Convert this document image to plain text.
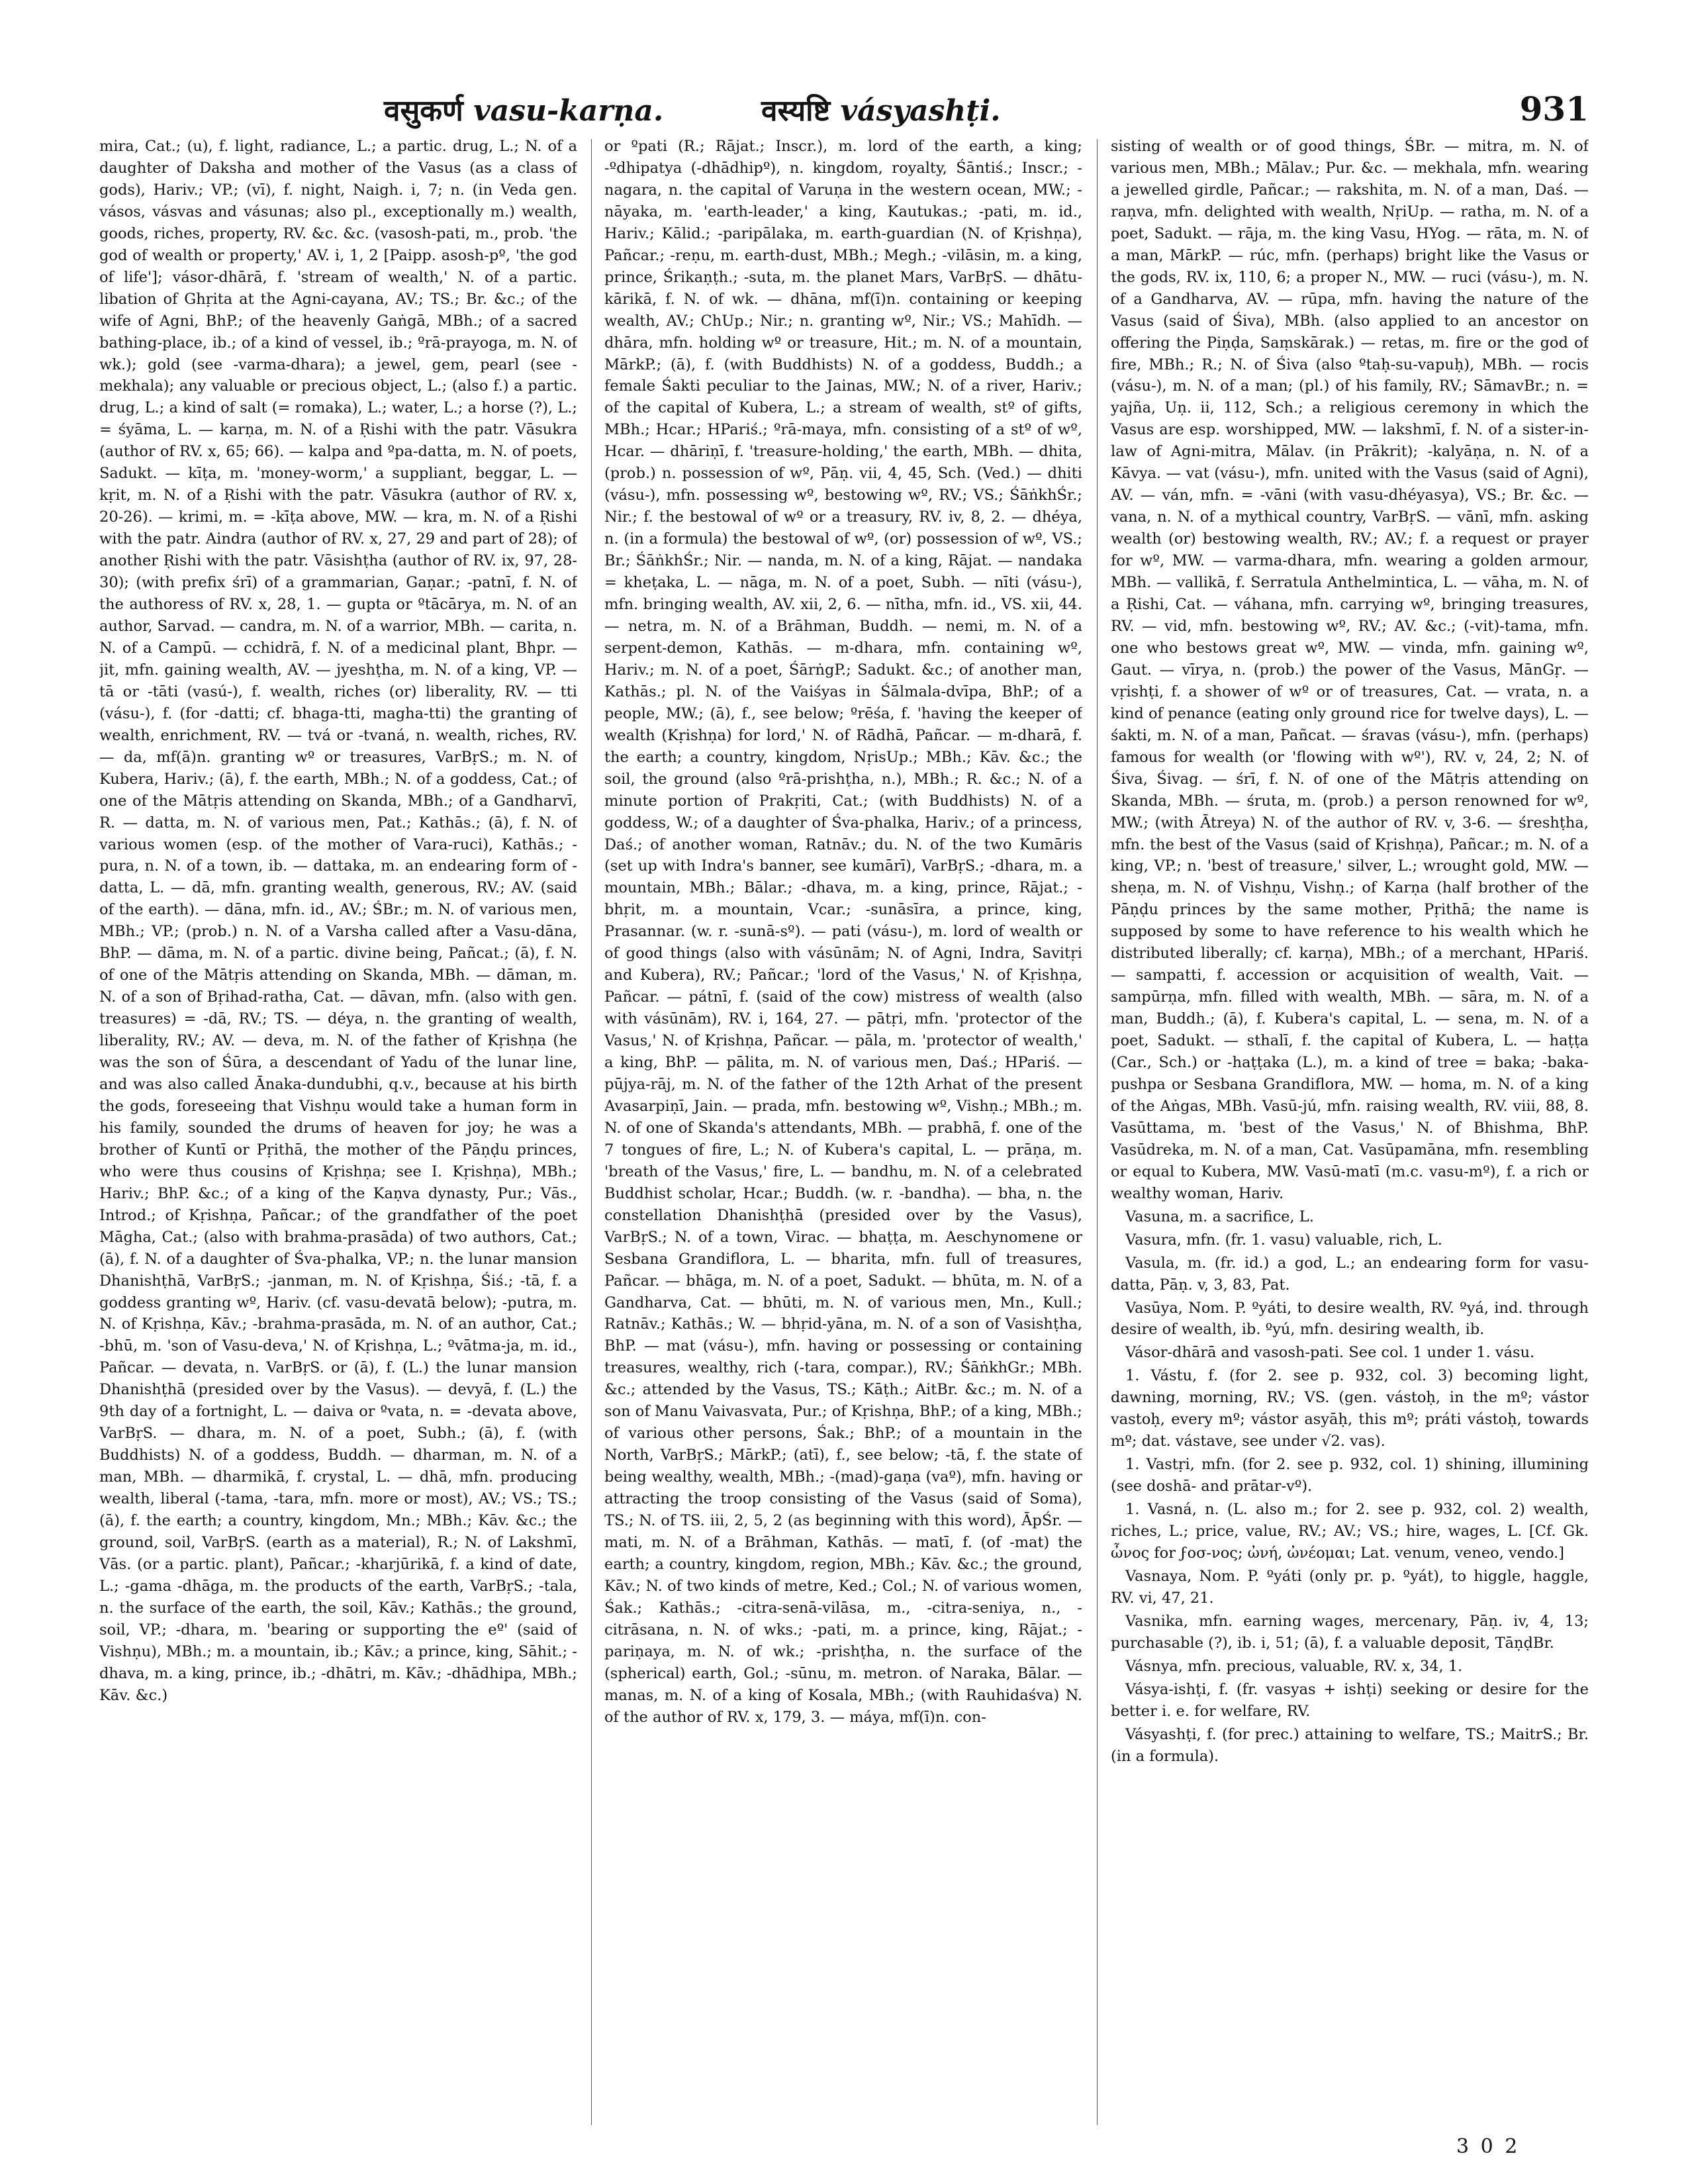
वसुकर्ण vasu-karṇa.	वस्यष्टि vásyashṭi.	931

mira, Cat.; (u), f. light, radiance, L.; a partic. drug, L.; N. of a daughter of Daksha and mother of the Vasus (as a class of gods), Hariv.; VP.; (vī), f. night, Naigh. i, 7; n. (in Veda gen. vásos, vásvas and vásunas; also pl., exceptionally m.) wealth, goods, riches, property, RV. &c. &c. (vasosh-pati, m., prob. 'the god of wealth or property,' AV. i, 1, 2 [Paipp. asosh-pº, 'the god of life']; vásor-dhārā, f. 'stream of wealth,' N. of a partic. libation of Ghṛita at the Agni-cayana, AV.; TS.; Br. &c.; of the wife of Agni, BhP.; of the heavenly Gaṅgā, MBh.; of a sacred bathing-place, ib.; of a kind of vessel, ib.; ºrā-prayoga, m. N. of wk.); gold (see -varma-dhara); a jewel, gem, pearl (see -mekhala); any valuable or precious object, L.; (also f.) a partic. drug, L.; a kind of salt (= romaka), L.; water, L.; a horse (?), L.; = śyāma, L. — karṇa, m. N. of a Ṛishi with the patr. Vāsukra (author of RV. x, 65; 66). — kalpa and ºpa-datta, m. N. of poets, Sadukt. — kīṭa, m. 'money-worm,' a suppliant, beggar, L. — kṛit, m. N. of a Ṛishi with the patr. Vāsukra (author of RV. x, 20-26). — krimi, m. = -kīṭa above, MW. — kra, m. N. of a Ṛishi with the patr. Aindra (author of RV. x, 27, 29 and part of 28); of another Ṛishi with the patr. Vāsishṭha (author of RV. ix, 97, 28-30); (with prefix śrī) of a grammarian, Gaṇar.; -patnī, f. N. of the authoress of RV. x, 28, 1. — gupta or ºtācārya, m. N. of an author, Sarvad. — candra, m. N. of a warrior, MBh. — carita, n. N. of a Campū. — cchidrā, f. N. of a medicinal plant, Bhpr. — jit, mfn. gaining wealth, AV. — jyeshṭha, m. N. of a king, VP. — tā or -tāti (vasú-), f. wealth, riches (or) liberality, RV. — tti (vásu-), f. (for -datti; cf. bhaga-tti, magha-tti) the granting of wealth, enrichment, RV. — tvá or -tvaná, n. wealth, riches, RV. — da, mf(ā)n. granting wº or treasures, VarBṛS.; m. N. of Kubera, Hariv.; (ā), f. the earth, MBh.; N. of a goddess, Cat.; of one of the Mātṛis attending on Skanda, MBh.; of a Gandharvī, R. — datta, m. N. of various men, Pat.; Kathās.; (ā), f. N. of various women (esp. of the mother of Vara-ruci), Kathās.; -pura, n. N. of a town, ib. — dattaka, m. an endearing form of -datta, L. — dā, mfn. granting wealth, generous, RV.; AV. (said of the earth). — dāna, mfn. id., AV.; ŚBr.; m. N. of various men, MBh.; VP.; (prob.) n. N. of a Varsha called after a Vasu-dāna, BhP. — dāma, m. N. of a partic. divine being, Pañcat.; (ā), f. N. of one of the Mātṛis attending on Skanda, MBh. — dāman, m. N. of a son of Bṛihad-ratha, Cat. — dāvan, mfn. (also with gen. treasures) = -dā, RV.; TS. — déya, n. the granting of wealth, liberality, RV.; AV. — deva, m. N. of the father of Kṛishṇa (he was the son of Śūra, a descendant of Yadu of the lunar line, and was also called Ānaka-dundubhi, q.v., because at his birth the gods, foreseeing that Vishṇu would take a human form in his family, sounded the drums of heaven for joy; he was a brother of Kuntī or Pṛithā, the mother of the Pāṇḍu princes, who were thus cousins of Kṛishṇa; see I. Kṛishṇa), MBh.; Hariv.; BhP. &c.; of a king of the Kaṇva dynasty, Pur.; Vās., Introd.; of Kṛishṇa, Pañcar.; of the grandfather of the poet Māgha, Cat.; (also with brahma-prasāda) of two authors, Cat.; (ā), f. N. of a daughter of Śva-phalka, VP.; n. the lunar mansion Dhanishṭhā, VarBṛS.; -janman, m. N. of Kṛishṇa, Śiś.; -tā, f. a goddess granting wº, Hariv. (cf. vasu-devatā below); -putra, m. N. of Kṛishṇa, Kāv.; -brahma-prasāda, m. N. of an author, Cat.; -bhū, m. 'son of Vasu-deva,' N. of Kṛishṇa, L.; ºvātma-ja, m. id., Pañcar. — devata, n. VarBṛS. or (ā), f. (L.) the lunar mansion Dhanishṭhā (presided over by the Vasus). — devyā, f. (L.) the 9th day of a fortnight, L. — daiva or ºvata, n. = -devata above, VarBṛS. — dhara, m. N. of a poet, Subh.; (ā), f. (with Buddhists) N. of a goddess, Buddh. — dharman, m. N. of a man, MBh. — dharmikā, f. crystal, L. — dhā, mfn. producing wealth, liberal (-tama, -tara, mfn. more or most), AV.; VS.; TS.; (ā), f. the earth; a country, kingdom, Mn.; MBh.; Kāv. &c.; the ground, soil, VarBṛS. (earth as a material), R.; N. of Lakshmī, Vās. (or a partic. plant), Pañcar.; -kharjūrikā, f. a kind of date, L.; -gama -dhāga, m. the products of the earth, VarBṛS.; -tala, n. the surface of the earth, the soil, Kāv.; Kathās.; the ground, soil, VP.; -dhara, m. 'bearing or supporting the eº' (said of Vishṇu), MBh.; m. a mountain, ib.; Kāv.; a prince, king, Sāhit.; -dhava, m. a king, prince, ib.; -dhātri, m. Kāv.; -dhādhipa, MBh.; Kāv. &c.)

or ºpati (R.; Rājat.; Inscr.), m. lord of the earth, a king; -ºdhipatya (-dhādhipº), n. kingdom, royalty, Śāntiś.; Inscr.; -nagara, n. the capital of Varuṇa in the western ocean, MW.; -nāyaka, m. 'earth-leader,' a king, Kautukas.; -pati, m. id., Hariv.; Kālid.; -paripālaka, m. earth-guardian (N. of Kṛishṇa), Pañcar.; -reṇu, m. earth-dust, MBh.; Megh.; -vilāsin, m. a king, prince, Śrikaṇṭh.; -suta, m. the planet Mars, VarBṛS. — dhātu-kārikā, f. N. of wk. — dhāna, mf(ī)n. containing or keeping wealth, AV.; ChUp.; Nir.; n. granting wº, Nir.; VS.; Mahīdh. — dhāra, mfn. holding wº or treasure, Hit.; m. N. of a mountain, MārkP.; (ā), f. (with Buddhists) N. of a goddess, Buddh.; a female Śakti peculiar to the Jainas, MW.; N. of a river, Hariv.; of the capital of Kubera, L.; a stream of wealth, stº of gifts, MBh.; Hcar.; HPariś.; ºrā-maya, mfn. consisting of a stº of wº, Hcar. — dhāriṇī, f. 'treasure-holding,' the earth, MBh. — dhita, (prob.) n. possession of wº, Pāṇ. vii, 4, 45, Sch. (Ved.) — dhiti (vásu-), mfn. possessing wº, bestowing wº, RV.; VS.; ŚāṅkhŚr.; Nir.; f. the bestowal of wº or a treasury, RV. iv, 8, 2. — dhéya, n. (in a formula) the bestowal of wº, (or) possession of wº, VS.; Br.; ŚāṅkhŚr.; Nir. — nanda, m. N. of a king, Rājat. — nandaka = kheṭaka, L. — nāga, m. N. of a poet, Subh. — nīti (vásu-), mfn. bringing wealth, AV. xii, 2, 6. — nītha, mfn. id., VS. xii, 44. — netra, m. N. of a Brāhman, Buddh. — nemi, m. N. of a serpent-demon, Kathās. — m-dhara, mfn. containing wº, Hariv.; m. N. of a poet, ŚārṅgP.; Sadukt. &c.; of another man, Kathās.; pl. N. of the Vaiśyas in Śālmala-dvīpa, BhP.; of a people, MW.; (ā), f., see below; ºrēśa, f. 'having the keeper of wealth (Kṛishṇa) for lord,' N. of Rādhā, Pañcar. — m-dharā, f. the earth; a country, kingdom, NṛisUp.; MBh.; Kāv. &c.; the soil, the ground (also ºrā-prishṭha, n.), MBh.; R. &c.; N. of a minute portion of Prakṛiti, Cat.; (with Buddhists) N. of a goddess, W.; of a daughter of Śva-phalka, Hariv.; of a princess, Daś.; of another woman, Ratnāv.; du. N. of the two Kumāris (set up with Indra's banner, see kumārī), VarBṛS.; -dhara, m. a mountain, MBh.; Bālar.; -dhava, m. a king, prince, Rājat.; -bhṛit, m. a mountain, Vcar.; -sunāsīra, a prince, king, Prasannar. (w. r. -sunā-sº). — pati (vásu-), m. lord of wealth or of good things (also with vásūnām; N. of Agni, Indra, Savitṛi and Kubera), RV.; Pañcar.; 'lord of the Vasus,' N. of Kṛishṇa, Pañcar. — pátnī, f. (said of the cow) mistress of wealth (also with vásūnām), RV. i, 164, 27. — pātṛi, mfn. 'protector of the Vasus,' N. of Kṛishṇa, Pañcar. — pāla, m. 'protector of wealth,' a king, BhP. — pālita, m. N. of various men, Daś.; HPariś. — pūjya-rāj, m. N. of the father of the 12th Arhat of the present Avasarpiṇī, Jain. — prada, mfn. bestowing wº, Vishṇ.; MBh.; m. N. of one of Skanda's attendants, MBh. — prabhā, f. one of the 7 tongues of fire, L.; N. of Kubera's capital, L. — prāṇa, m. 'breath of the Vasus,' fire, L. — bandhu, m. N. of a celebrated Buddhist scholar, Hcar.; Buddh. (w. r. -bandha). — bha, n. the constellation Dhanishṭhā (presided over by the Vasus), VarBṛS.; N. of a town, Virac. — bhaṭṭa, m. Aeschynomene or Sesbana Grandiflora, L. — bharita, mfn. full of treasures, Pañcar. — bhāga, m. N. of a poet, Sadukt. — bhūta, m. N. of a Gandharva, Cat. — bhūti, m. N. of various men, Mn., Kull.; Ratnāv.; Kathās.; W. — bhṛid-yāna, m. N. of a son of Vasishṭha, BhP. — mat (vásu-), mfn. having or possessing or containing treasures, wealthy, rich (-tara, compar.), RV.; ŚāṅkhGr.; MBh. &c.; attended by the Vasus, TS.; Kāṭh.; AitBr. &c.; m. N. of a son of Manu Vaivasvata, Pur.; of Kṛishṇa, BhP.; of a king, MBh.; of various other persons, Śak.; BhP.; of a mountain in the North, VarBṛS.; MārkP.; (atī), f., see below; -tā, f. the state of being wealthy, wealth, MBh.; -(mad)-gaṇa (vaº), mfn. having or attracting the troop consisting of the Vasus (said of Soma), TS.; N. of TS. iii, 2, 5, 2 (as beginning with this word), ĀpŚr. — mati, m. N. of a Brāhman, Kathās. — matī, f. (of -mat) the earth; a country, kingdom, region, MBh.; Kāv. &c.; the ground, Kāv.; N. of two kinds of metre, Ked.; Col.; N. of various women, Śak.; Kathās.; -citra-senā-vilāsa, m., -citra-seniya, n., -citrāsana, n. N. of wks.; -pati, m. a prince, king, Rājat.; -pariṇaya, m. N. of wk.; -prishṭha, n. the surface of the (spherical) earth, Gol.; -sūnu, m. metron. of Naraka, Bālar. — manas, m. N. of a king of Kosala, MBh.; (with Rauhidaśva) N. of the author of RV. x, 179, 3. — máya, mf(ī)n. con-

sisting of wealth or of good things, ŚBr. — mitra, m. N. of various men, MBh.; Mālav.; Pur. &c. — mekhala, mfn. wearing a jewelled girdle, Pañcar.; — rakshita, m. N. of a man, Daś. — raṇva, mfn. delighted with wealth, NṛiUp. — ratha, m. N. of a poet, Sadukt. — rāja, m. the king Vasu, HYog. — rāta, m. N. of a man, MārkP. — rúc, mfn. (perhaps) bright like the Vasus or the gods, RV. ix, 110, 6; a proper N., MW. — ruci (vásu-), m. N. of a Gandharva, AV. — rūpa, mfn. having the nature of the Vasus (said of Śiva), MBh. (also applied to an ancestor on offering the Piṇḍa, Saṃskārak.) — retas, m. fire or the god of fire, MBh.; R.; N. of Śiva (also ºtaḥ-su-vapuḥ), MBh. — rocis (vásu-), m. N. of a man; (pl.) of his family, RV.; SāmavBr.; n. = yajña, Uṇ. ii, 112, Sch.; a religious ceremony in which the Vasus are esp. worshipped, MW. — lakshmī, f. N. of a sister-in-law of Agni-mitra, Mālav. (in Prākrit); -kalyāṇa, n. N. of a Kāvya. — vat (vásu-), mfn. united with the Vasus (said of Agni), AV. — ván, mfn. = -vāni (with vasu-dhéyasya), VS.; Br. &c. — vana, n. N. of a mythical country, VarBṛS. — vānī, mfn. asking wealth (or) bestowing wealth, RV.; AV.; f. a request or prayer for wº, MW. — varma-dhara, mfn. wearing a golden armour, MBh. — vallikā, f. Serratula Anthelmintica, L. — vāha, m. N. of a Ṛishi, Cat. — váhana, mfn. carrying wº, bringing treasures, RV. — vid, mfn. bestowing wº, RV.; AV. &c.; (-vit)-tama, mfn. one who bestows great wº, MW. — vinda, mfn. gaining wº, Gaut. — vīrya, n. (prob.) the power of the Vasus, MānGṛ. — vṛishṭi, f. a shower of wº or of treasures, Cat. — vrata, n. a kind of penance (eating only ground rice for twelve days), L. — śakti, m. N. of a man, Pañcat. — śravas (vásu-), mfn. (perhaps) famous for wealth (or 'flowing with wº'), RV. v, 24, 2; N. of Śiva, Śivag. — śrī, f. N. of one of the Mātṛis attending on Skanda, MBh. — śruta, m. (prob.) a person renowned for wº, MW.; (with Ātreya) N. of the author of RV. v, 3-6. — śreshṭha, mfn. the best of the Vasus (said of Kṛishṇa), Pañcar.; m. N. of a king, VP.; n. 'best of treasure,' silver, L.; wrought gold, MW. — sheṇa, m. N. of Vishṇu, Vishṇ.; of Karṇa (half brother of the Pāṇḍu princes by the same mother, Pṛithā; the name is supposed by some to have reference to his wealth which he distributed liberally; cf. karṇa), MBh.; of a merchant, HPariś. — sampatti, f. accession or acquisition of wealth, Vait. — sampūrṇa, mfn. filled with wealth, MBh. — sāra, m. N. of a man, Buddh.; (ā), f. Kubera's capital, L. — sena, m. N. of a poet, Sadukt. — sthalī, f. the capital of Kubera, L. — haṭṭa (Car., Sch.) or -haṭṭaka (L.), m. a kind of tree = baka; -baka-pushpa or Sesbana Grandiflora, MW. — homa, m. N. of a king of the Aṅgas, MBh. Vasū-jú, mfn. raising wealth, RV. viii, 88, 8. Vasūttama, m. 'best of the Vasus,' N. of Bhishma, BhP. Vasūdreka, m. N. of a man, Cat. Vasūpamāna, mfn. resembling or equal to Kubera, MW. Vasū-matī (m.c. vasu-mº), f. a rich or wealthy woman, Hariv.

Vasuna, m. a sacrifice, L.

Vasura, mfn. (fr. 1. vasu) valuable, rich, L.

Vasula, m. (fr. id.) a god, L.; an endearing form for vasu-datta, Pāṇ. v, 3, 83, Pat.

Vasūya, Nom. P. ºyáti, to desire wealth, RV. ºyá, ind. through desire of wealth, ib. ºyú, mfn. desiring wealth, ib.

Vásor-dhārā and vasosh-pati. See col. 1 under 1. vásu.

1. Vástu, f. (for 2. see p. 932, col. 3) becoming light, dawning, morning, RV.; VS. (gen. vástoḥ, in the mº; vástor vastoḥ, every mº; vástor asyāḥ, this mº; práti vástoḥ, towards mº; dat. vástave, see under √2. vas).

1. Vastṛi, mfn. (for 2. see p. 932, col. 1) shining, illumining (see doshā- and prātar-vº).

1. Vasná, n. (L. also m.; for 2. see p. 932, col. 2) wealth, riches, L.; price, value, RV.; AV.; VS.; hire, wages, L. [Cf. Gk. ὦνος for ϝοσ-νος; ὠνή, ὠνέομαι; Lat. venum, veneo, vendo.]

Vasnaya, Nom. P. ºyáti (only pr. p. ºyát), to higgle, haggle, RV. vi, 47, 21.

Vasnika, mfn. earning wages, mercenary, Pāṇ. iv, 4, 13; purchasable (?), ib. i, 51; (ā), f. a valuable deposit, TāṇḍBr.

Vásnya, mfn. precious, valuable, RV. x, 34, 1.

Vásya-ishṭi, f. (fr. vasyas + ishṭi) seeking or desire for the better i. e. for welfare, RV.

Vásyashṭi, f. (for prec.) attaining to welfare, TS.; MaitrS.; Br. (in a formula).

3 0 2
